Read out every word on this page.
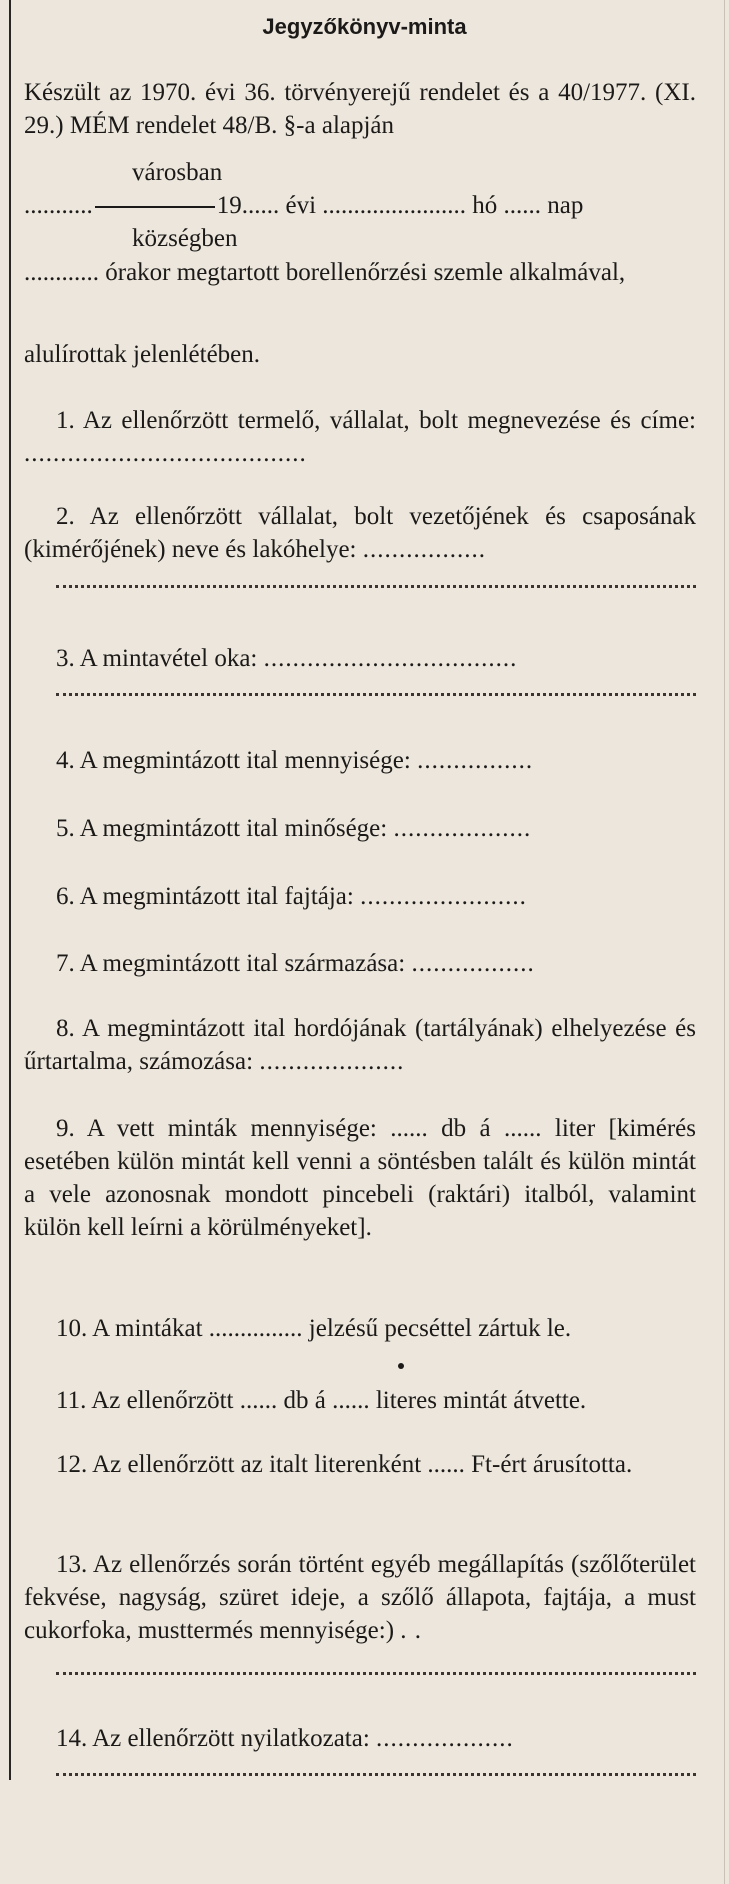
Jegyzőkönyv-minta
Készült az 1970. évi 36. törvényerejű rendelet és a 40/1977. (XI. 29.) MÉM rendelet 48/B. §-a alapján
városban
...........	19...... évi ....................... hó ...... nap
községben
............ órakor megtartott borellenőrzési szemle alkalmával,
alulírottak jelenlétében.
1. Az ellenőrzött termelő, vállalat, bolt megnevezése és címe: .......................................
2. Az ellenőrzött vállalat, bolt vezetőjének és csaposának (kimérőjének) neve és lakóhelye: .................
3. A mintavétel oka: ...................................
4. A megmintázott ital mennyisége: ................
5. A megmintázott ital minősége: ...................
6. A megmintázott ital fajtája: .......................
7. A megmintázott ital származása: .................
8. A megmintázott ital hordójának (tartályának) elhelyezése és űrtartalma, számozása: ....................
9. A vett minták mennyisége: ...... db á ...... liter [kimérés esetében külön mintát kell venni a söntésben talált és külön mintát a vele azonosnak mondott pincebeli (raktári) italból, valamint külön kell leírni a körülményeket].
10. A mintákat ............... jelzésű pecséttel zártuk le.
11. Az ellenőrzött ...... db á ...... literes mintát átvette.
12. Az ellenőrzött az italt literenként ...... Ft-ért árusította.
13. Az ellenőrzés során történt egyéb megállapítás (szőlőterület fekvése, nagyság, szüret ideje, a szőlő állapota, fajtája, a must cukorfoka, musttermés mennyisége:) . .
14. Az ellenőrzött nyilatkozata: ...................
